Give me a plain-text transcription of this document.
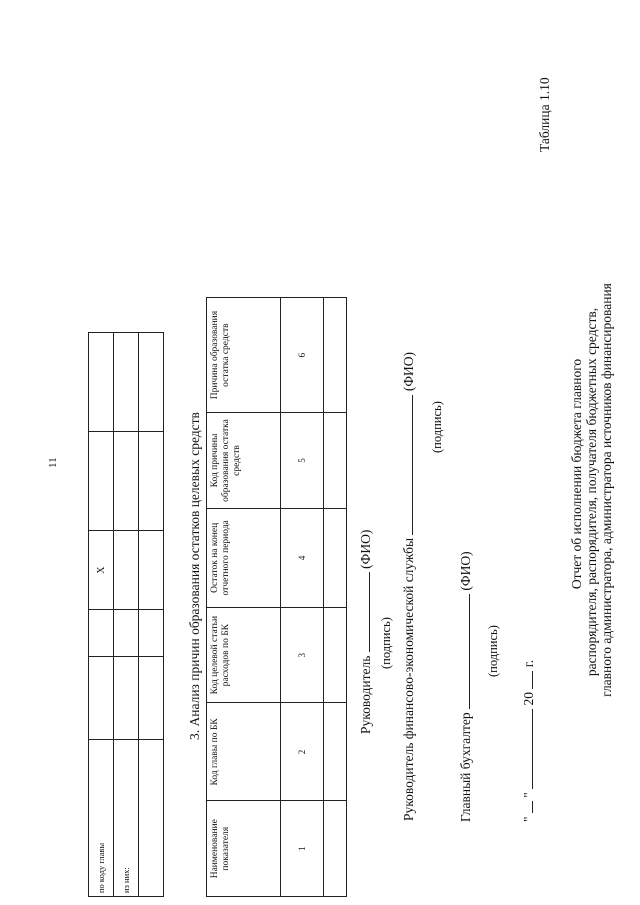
11
по коду главы			Х		
из них:					

3. Анализ причин образования остатков целевых средств
Наименование показателя	Код главы по БК	Код целевой статьи расходов по БК	Остаток на конец отчетного периода	Код причины образования остатка средств	Причина образования остатка средств
1	2	3	4	5	6

Руководитель  (ФИО)
(подпись) Руководитель финансово-экономической службы  (ФИО)
(подпись)
Главный бухгалтер  (ФИО)
(подпись)
"  "  20  г.
Таблица 1.10
Отчет об исполнении бюджета главного распорядителя, распорядителя, получателя бюджетных средств, главного администратора, администратора источников финансирования
